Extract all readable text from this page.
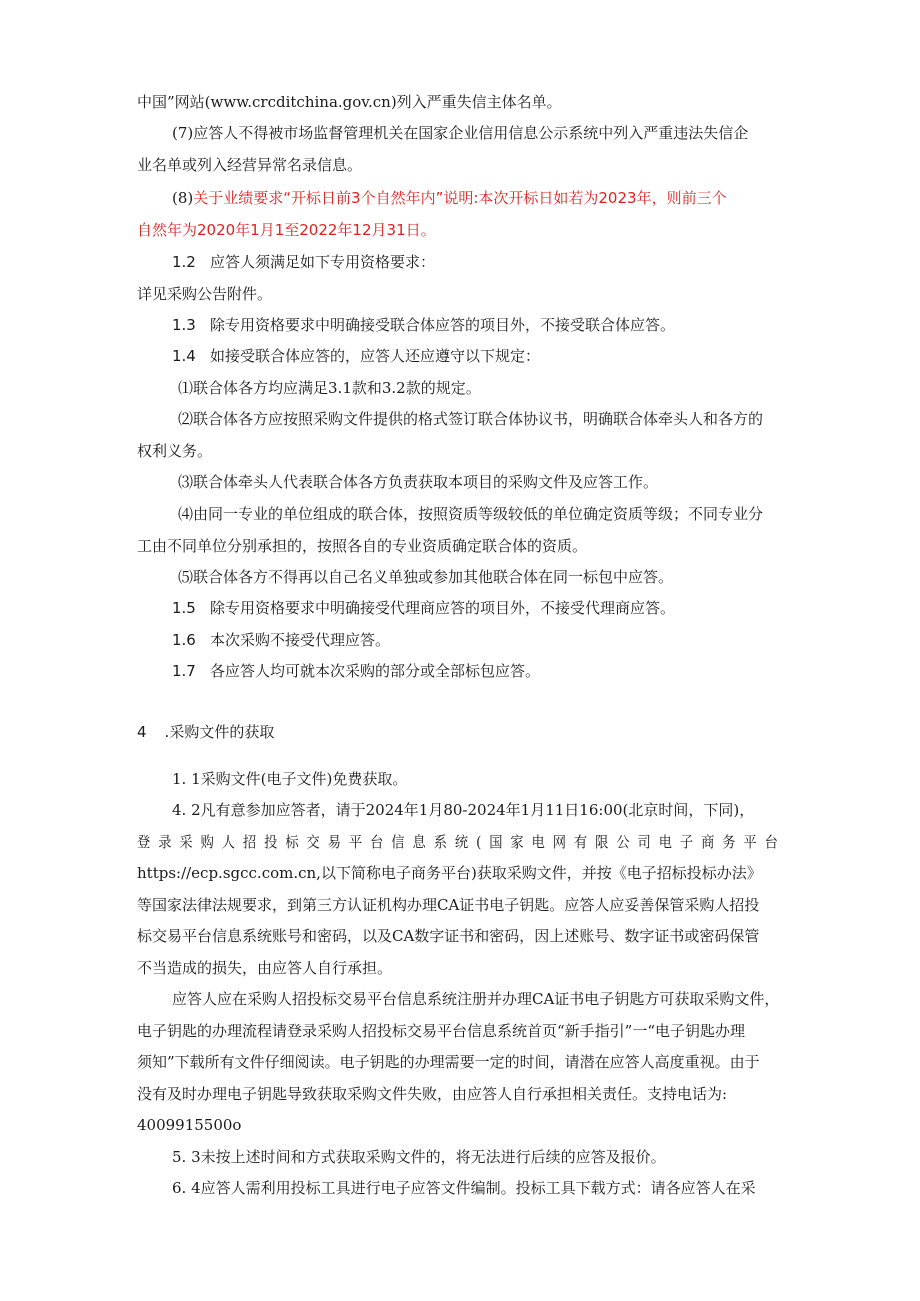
中国”网站(www.crcditchina.gov.cn)列入严重失信主体名单。
(7)应答人不得被市场监督管理机关在国家企业信用信息公示系统中列入严重违法失信企
业名单或列入经营异常名录信息。
(8)关于业绩要求“开标日前3个自然年内”说明:本次开标日如若为2023年，则前三个
自然年为2020年1月1至2022年12月31日。
1.2 应答人须满足如下专用资格要求：
详见采购公告附件。
1.3 除专用资格要求中明确接受联合体应答的项目外，不接受联合体应答。
1.4 如接受联合体应答的，应答人还应遵守以下规定：
⑴联合体各方均应满足3.1款和3.2款的规定。
⑵联合体各方应按照采购文件提供的格式签订联合体协议书，明确联合体牵头人和各方的
权利义务。
⑶联合体牵头人代表联合体各方负责获取本项目的采购文件及应答工作。
⑷由同一专业的单位组成的联合体，按照资质等级较低的单位确定资质等级；不同专业分
工由不同单位分别承担的，按照各自的专业资质确定联合体的资质。
⑸联合体各方不得再以自己名义单独或参加其他联合体在同一标包中应答。
1.5 除专用资格要求中明确接受代理商应答的项目外，不接受代理商应答。
1.6 本次采购不接受代理应答。
1.7 各应答人均可就本次采购的部分或全部标包应答。
4 .采购文件的获取
1. 1采购文件(电子文件)免费获取。
4. 2凡有意参加应答者，请于2024年1月80-2024年1月11日16:00(北京时间，下同)，
登录采购人招投标交易平台信息系统(国家电网有限公司电子商务平台
https://ecp.sgcc.com.cn,以下简称电子商务平台)获取采购文件，并按《电子招标投标办法》
等国家法律法规要求，到第三方认证机构办理CA证书电子钥匙。应答人应妥善保管采购人招投
标交易平台信息系统账号和密码，以及CA数字证书和密码，因上述账号、数字证书或密码保管
不当造成的损失，由应答人自行承担。
应答人应在采购人招投标交易平台信息系统注册并办理CA证书电子钥匙方可获取采购文件，
电子钥匙的办理流程请登录采购人招投标交易平台信息系统首页“新手指引”一“电子钥匙办理
须知”下载所有文件仔细阅读。电子钥匙的办理需要一定的时间，请潜在应答人高度重视。由于
没有及时办理电子钥匙导致获取采购文件失败，由应答人自行承担相关责任。支持电话为:
4009915500o
5. 3未按上述时间和方式获取采购文件的，将无法进行后续的应答及报价。
6. 4应答人需利用投标工具进行电子应答文件编制。投标工具下载方式：请各应答人在采
